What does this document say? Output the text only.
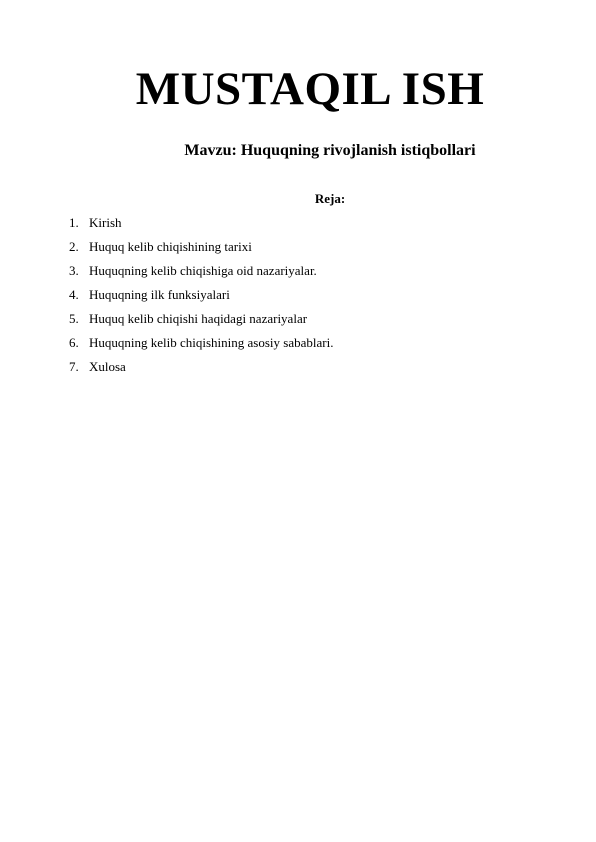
MUSTAQIL ISH

Mavzu: Huquqning rivojlanish istiqbollari

Reja:

1. Kirish
2. Huquq kelib chiqishining tarixi
3. Huquqning kelib chiqishiga oid nazariyalar.
4. Huquqning ilk funksiyalari
5. Huquq kelib chiqishi haqidagi nazariyalar
6. Huquqning kelib chiqishining asosiy sabablari.
7. Xulosa
